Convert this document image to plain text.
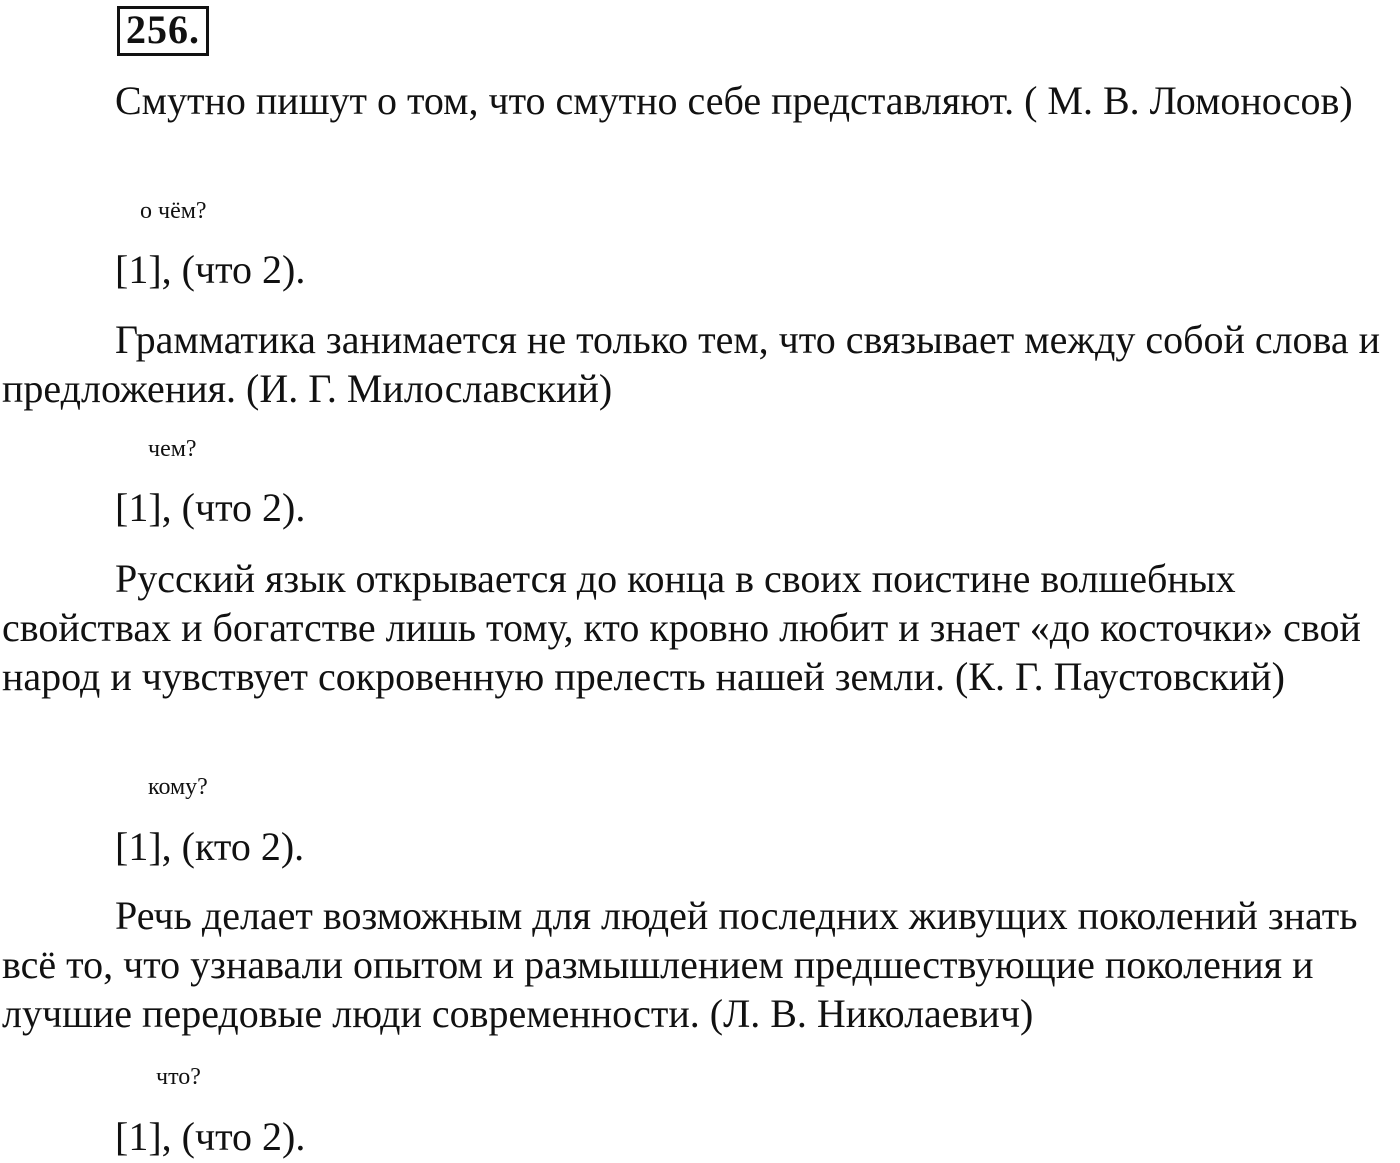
256.
Смутно пишут о том, что смутно себе представляют. ( М. В. Ломоносов)
о чём?
[1], (что 2).
Грамматика занимается не только тем, что связывает между собой слова и предложения. (И. Г. Милославский)
чем?
[1], (что 2).
Русский язык открывается до конца в своих поистине волшебных свойствах и богатстве лишь тому, кто кровно любит и знает «до косточки» свой народ и чувствует сокровенную прелесть нашей земли. (К. Г. Паустовский)
кому?
[1], (кто 2).
Речь делает возможным для людей последних живущих поколений знать всё то, что узнавали опытом и размышлением предшествующие поколения и лучшие передовые люди современности. (Л. В. Николаевич)
что?
[1], (что 2).
